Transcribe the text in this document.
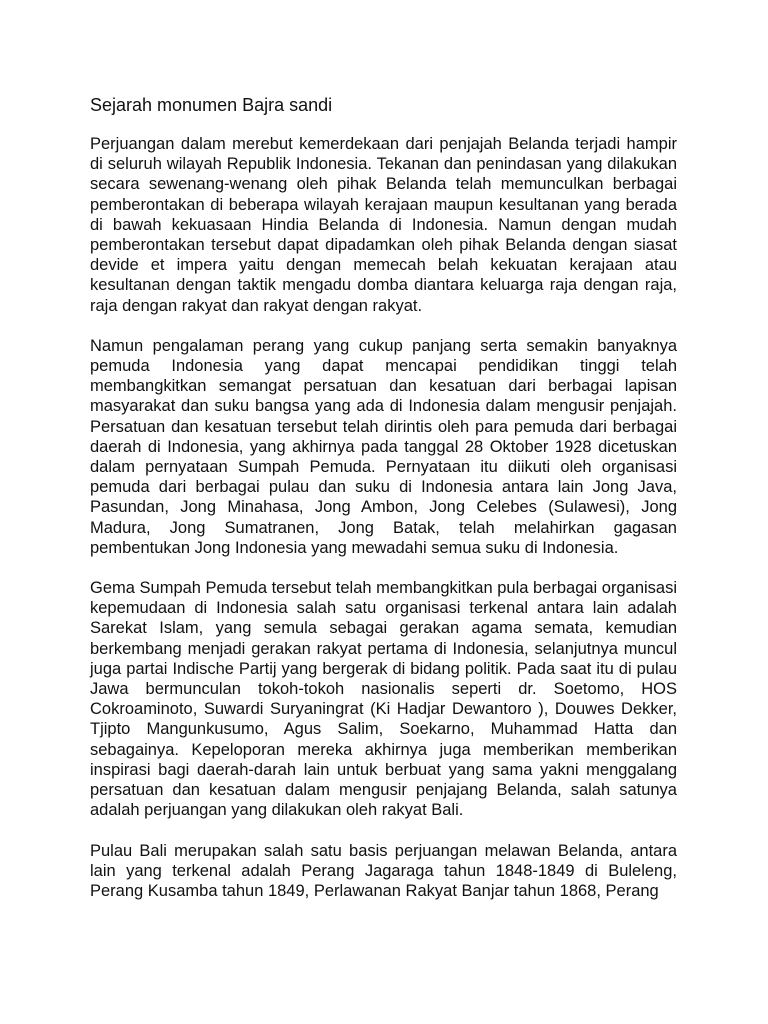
Sejarah monumen Bajra sandi

Perjuangan dalam merebut kemerdekaan dari penjajah Belanda terjadi hampir di seluruh wilayah Republik Indonesia. Tekanan dan penindasan yang dilakukan secara sewenang-wenang oleh pihak Belanda telah memunculkan berbagai pemberontakan di beberapa wilayah kerajaan maupun kesultanan yang berada di bawah kekuasaan Hindia Belanda di Indonesia. Namun dengan mudah pemberontakan tersebut dapat dipadamkan oleh pihak Belanda dengan siasat devide et impera yaitu dengan memecah belah kekuatan kerajaan atau kesultanan dengan taktik mengadu domba diantara keluarga raja dengan raja, raja dengan rakyat dan rakyat dengan rakyat.

Namun pengalaman perang yang cukup panjang serta semakin banyaknya pemuda Indonesia yang dapat mencapai pendidikan tinggi telah membangkitkan semangat persatuan dan kesatuan dari berbagai lapisan masyarakat dan suku bangsa yang ada di Indonesia dalam mengusir penjajah. Persatuan dan kesatuan tersebut telah dirintis oleh para pemuda dari berbagai daerah di Indonesia, yang akhirnya pada tanggal 28 Oktober 1928 dicetuskan dalam pernyataan Sumpah Pemuda. Pernyataan itu diikuti oleh organisasi pemuda dari berbagai pulau dan suku di Indonesia antara lain Jong Java, Pasundan, Jong Minahasa, Jong Ambon, Jong Celebes (Sulawesi), Jong Madura, Jong Sumatranen, Jong Batak, telah melahirkan gagasan pembentukan Jong Indonesia yang mewadahi semua suku di Indonesia.

Gema Sumpah Pemuda tersebut telah membangkitkan pula berbagai organisasi kepemudaan di Indonesia salah satu organisasi terkenal antara lain adalah Sarekat Islam, yang semula sebagai gerakan agama semata, kemudian berkembang menjadi gerakan rakyat pertama di Indonesia, selanjutnya muncul juga partai Indische Partij yang bergerak di bidang politik. Pada saat itu di pulau Jawa bermunculan tokoh-tokoh nasionalis seperti dr. Soetomo, HOS Cokroaminoto, Suwardi Suryaningrat (Ki Hadjar Dewantoro ), Douwes Dekker, Tjipto Mangunkusumo, Agus Salim, Soekarno, Muhammad Hatta dan sebagainya. Kepeloporan mereka akhirnya juga memberikan memberikan inspirasi bagi daerah-darah lain untuk berbuat yang sama yakni menggalang persatuan dan kesatuan dalam mengusir penjajang Belanda, salah satunya adalah perjuangan yang dilakukan oleh rakyat Bali.

Pulau Bali merupakan salah satu basis perjuangan melawan Belanda, antara lain yang terkenal adalah Perang Jagaraga tahun 1848-1849 di Buleleng, Perang Kusamba tahun 1849, Perlawanan Rakyat Banjar tahun 1868, Perang
